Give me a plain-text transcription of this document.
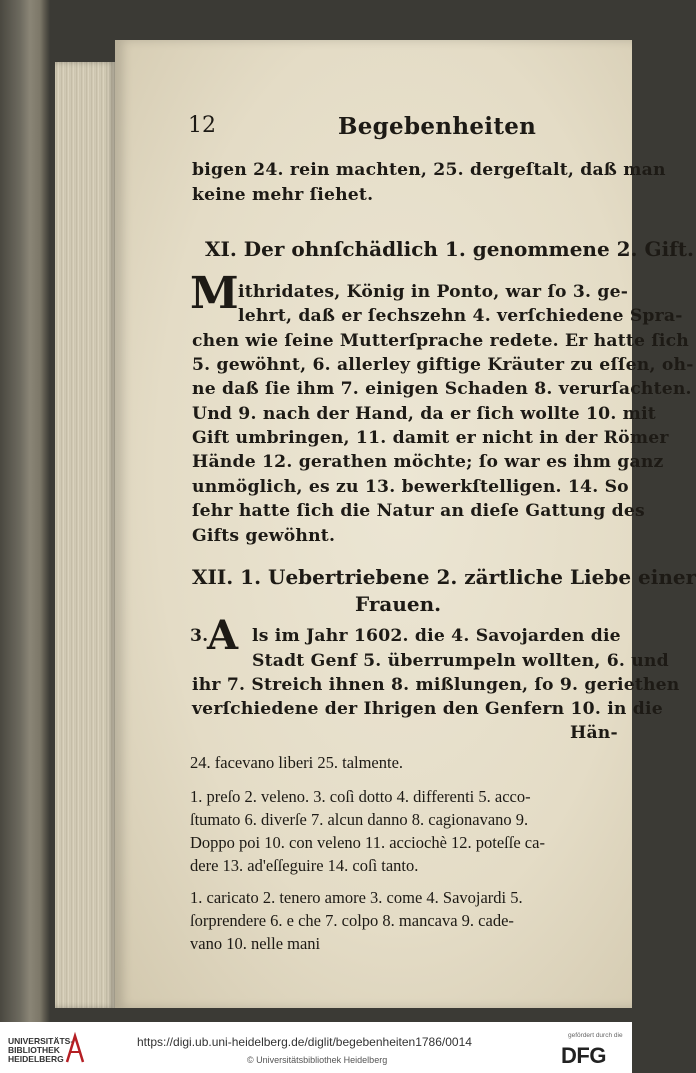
12	Begebenheiten
bigen 24. rein machten, 25. dergeſtalt, daß man
keine mehr ſiehet.
XI. Der ohnſchädlich 1. genommene 2. Gift.
M ithridates, König in Ponto, war ſo 3. ge-
lehrt, daß er ſechszehn 4. verſchiedene Spra-
chen wie ſeine Mutterſprache redete. Er hatte ſich
5. gewöhnt, 6. allerley giftige Kräuter zu eſſen, oh-
ne daß ſie ihm 7. einigen Schaden 8. verurſachten.
Und 9. nach der Hand, da er ſich wollte 10. mit
Gift umbringen, 11. damit er nicht in der Römer
Hände 12. gerathen möchte; ſo war es ihm ganz
unmöglich, es zu 13. bewerkſtelligen. 14. So
ſehr hatte ſich die Natur an dieſe Gattung des
Gifts gewöhnt.
XII. 1. Uebertriebene 2. zärtliche Liebe einer
Frauen.
3.
A ls im Jahr 1602. die 4. Savojarden die
Stadt Genf 5. überrumpeln wollten, 6. und
ihr 7. Streich ihnen 8. mißlungen, ſo 9. geriethen
verſchiedene der Ihrigen den Genfern 10. in die
Hän-
24. facevano liberi 25. talmente.
1. preſo 2. veleno. 3. coſì dotto 4. differenti 5. acco-
ſtumato 6. diverſe 7. alcun danno 8. cagionavano 9.
Doppo poi 10. con veleno 11. acciochè 12. poteſſe ca-
dere 13. ad'eſſeguire 14. coſì tanto.
1. caricato 2. tenero amore 3. come 4. Savojardi 5.
ſorprendere 6. e che 7. colpo 8. mancava 9. cade-
vano 10. nelle mani
UNIVERSITÄTS-
BIBLIOTHEK
HEIDELBERG
https://digi.ub.uni-heidelberg.de/diglit/begebenheiten1786/0014
© Universitätsbibliothek Heidelberg
gefördert durch die
DFG
